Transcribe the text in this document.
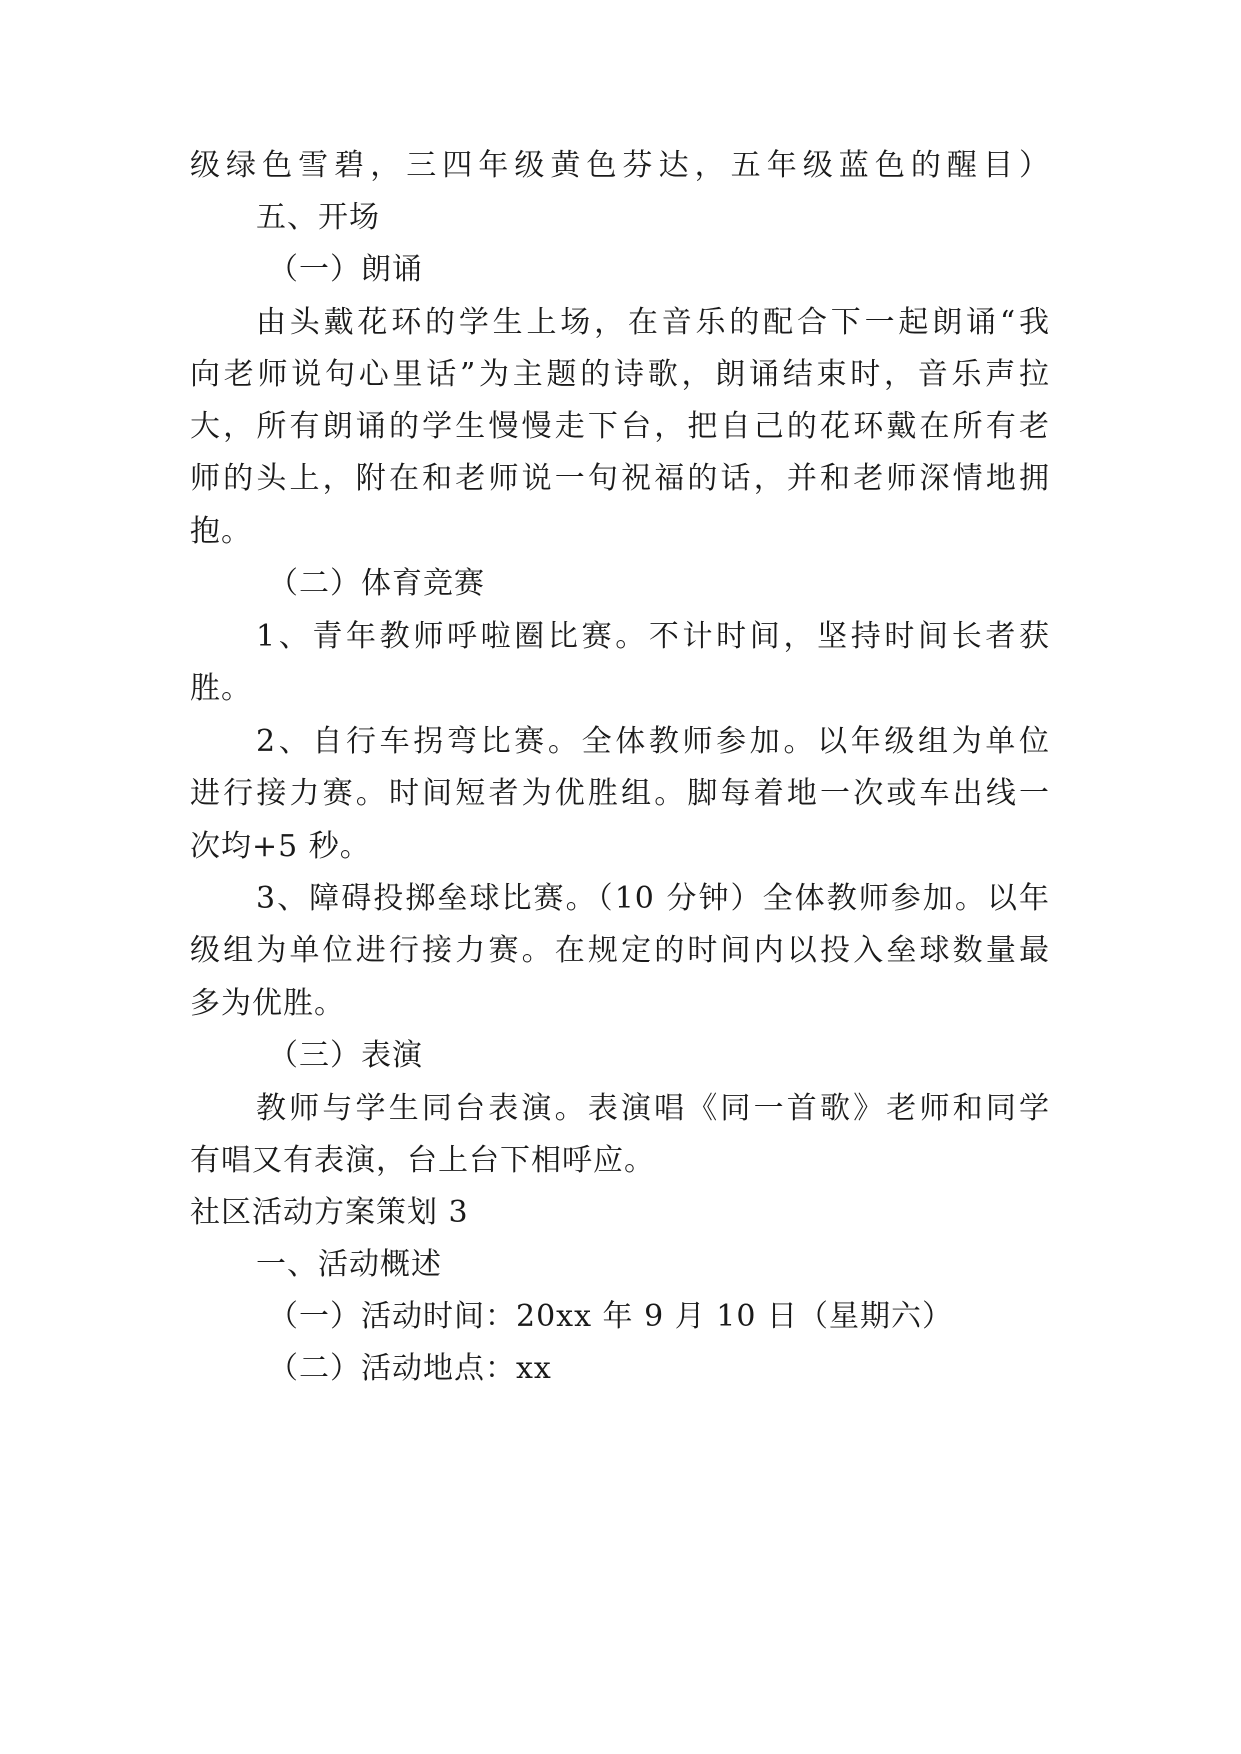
级绿色雪碧，三四年级黄色芬达，五年级蓝色的醒目）
五、开场
（一）朗诵
由头戴花环的学生上场，在音乐的配合下一起朗诵“我
向老师说句心里话”为主题的诗歌，朗诵结束时，音乐声拉
大，所有朗诵的学生慢慢走下台，把自己的花环戴在所有老
师的头上，附在和老师说一句祝福的话，并和老师深情地拥
抱。
（二）体育竞赛
1、青年教师呼啦圈比赛。不计时间，坚持时间长者获
胜。
2、自行车拐弯比赛。全体教师参加。以年级组为单位
进行接力赛。时间短者为优胜组。脚每着地一次或车出线一
次均+5 秒。
3、障碍投掷垒球比赛。（10 分钟）全体教师参加。以年
级组为单位进行接力赛。在规定的时间内以投入垒球数量最
多为优胜。
（三）表演
教师与学生同台表演。表演唱《同一首歌》老师和同学
有唱又有表演，台上台下相呼应。
社区活动方案策划 3
一、活动概述
（一）活动时间：20xx 年 9 月 10 日（星期六）
（二）活动地点：xx
